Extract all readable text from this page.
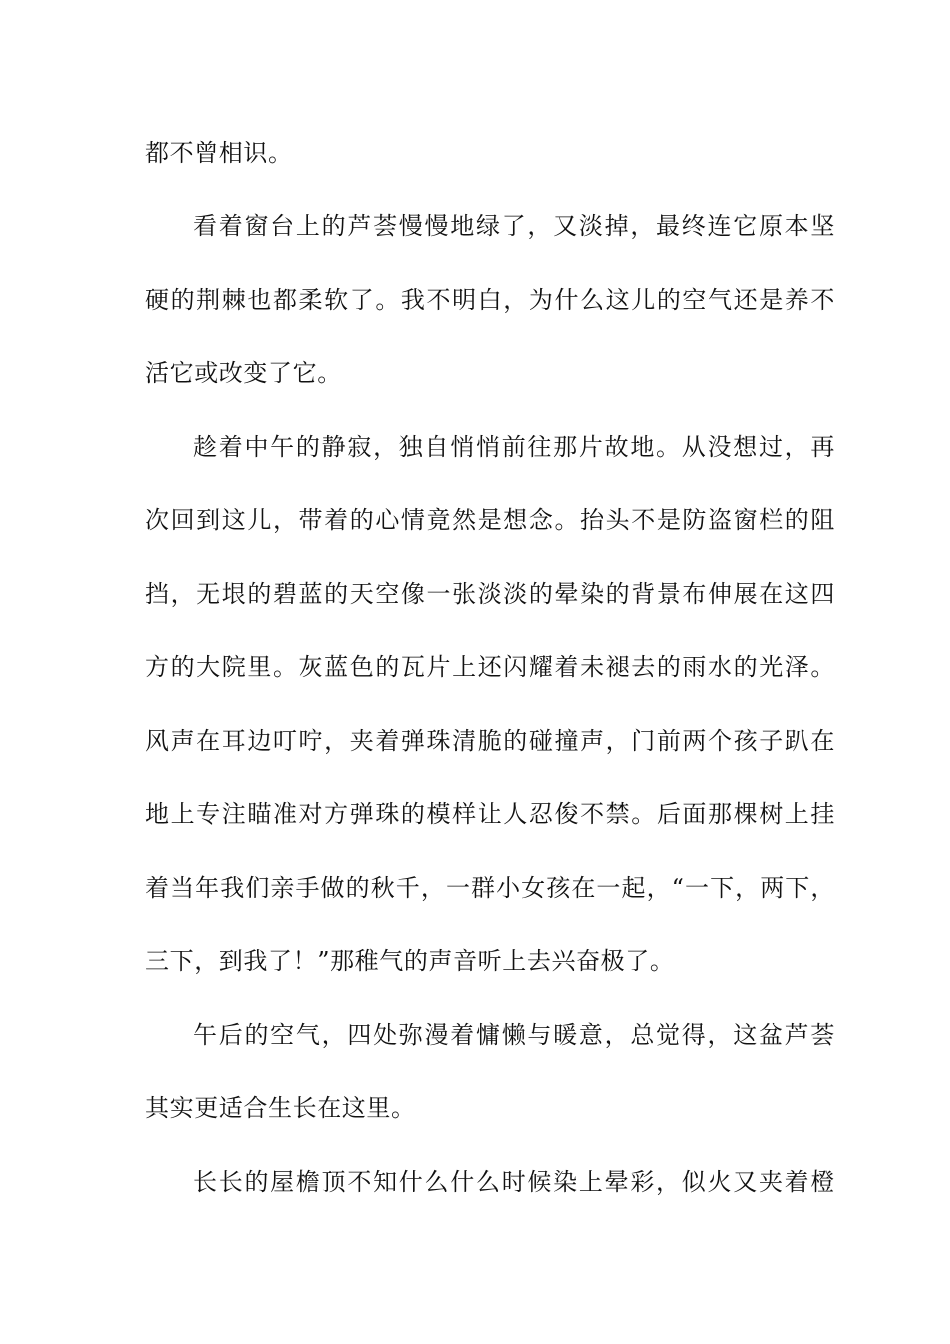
都不曾相识。
看着窗台上的芦荟慢慢地绿了，又淡掉，最终连它原本坚
硬的荆棘也都柔软了。我不明白，为什么这儿的空气还是养不
活它或改变了它。
趁着中午的静寂，独自悄悄前往那片故地。从没想过，再
次回到这儿，带着的心情竟然是想念。抬头不是防盗窗栏的阻
挡，无垠的碧蓝的天空像一张淡淡的晕染的背景布伸展在这四
方的大院里。灰蓝色的瓦片上还闪耀着未褪去的雨水的光泽。
风声在耳边叮咛，夹着弹珠清脆的碰撞声，门前两个孩子趴在
地上专注瞄准对方弹珠的模样让人忍俊不禁。后面那棵树上挂
着当年我们亲手做的秋千，一群小女孩在一起，“一下，两下，
三下，到我了！”那稚气的声音听上去兴奋极了。
午后的空气，四处弥漫着慵懒与暖意，总觉得，这盆芦荟
其实更适合生长在这里。
长长的屋檐顶不知什么什么时候染上晕彩，似火又夹着橙
